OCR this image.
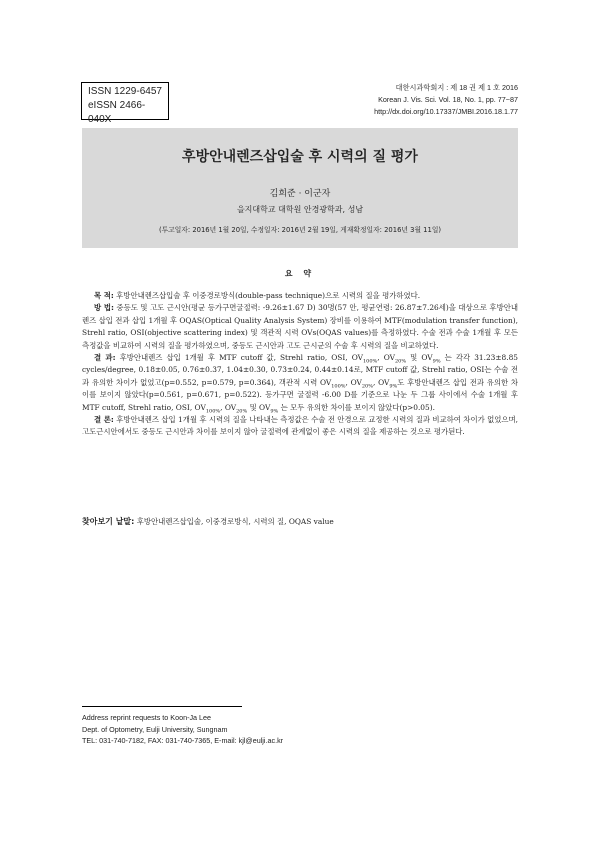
ISSN 1229-6457
eISSN 2466-040X
대한시과학회지 : 제 18 권 제 1 호 2016
Korean J. Vis. Sci. Vol. 18, No. 1, pp. 77~87
http://dx.doi.org/10.17337/JMBI.2016.18.1.77
후방안내렌즈삽입술 후 시력의 질 평가
김희준 · 이군자
을지대학교 대학원 안경광학과, 성남
(투고일자: 2016년 1월 20일, 수정일자: 2016년 2월 19일, 게재확정일자: 2016년 3월 11일)
요 약

목 적: 후방안내렌즈삽입술 후 이중경로방식(double-pass technique)으로 시력의 질을 평가하였다.

방 법: 중등도 및 고도 근시안(평균 등가구면굴절력: -9.26±1.67 D) 30명(57 안, 평균연령: 26.87±7.26세)을 대상으로 후방안내렌즈 삽입 전과 삽입 1개월 후 OQAS(Optical Quality Analysis System) 장비를 이용하여 MTF(modulation transfer function), Strehl ratio, OSI(objective scattering index) 및 객관적 시력 OVs(OQAS values)를 측정하였다. 수술 전과 수술 1개월 후 모든 측정값을 비교하여 시력의 질을 평가하였으며, 중등도 근시안과 고도 근시군의 수술 후 시력의 질을 비교하였다.

결 과: 후방안내렌즈 삽입 1개월 후 MTF cutoff 값, Strehl ratio, OSI, $OV_{100\%}$, $OV_{20\%}$ 및 $OV_{9\%}$ 는 각각 31.23±8.85 cycles/degree, 0.18±0.05, 0.76±0.37, 1.04±0.30, 0.73±0.24, 0.44±0.14로, MTF cutoff 값, Strehl ratio, OSI는 수술 전과 유의한 차이가 없었고(p=0.552, p=0.579, p=0.364), 객관적 시력 $OV_{100\%}$, $OV_{20\%}$, $OV_{9\%}$도 후방안내렌즈 삽입 전과 유의한 차이를 보이지 않았다(p=0.561, p=0.671, p=0.522). 등가구면 굴절력 -6.00 D를 기준으로 나눈 두 그룹 사이에서 수술 1개월 후 MTF cutoff, Strehl ratio, OSI, $OV_{100\%}$, $OV_{20\%}$ 및 $OV_{9\%}$ 는 모두 유의한 차이를 보이지 않았다(p>0.05).

결 론: 후방안내렌즈 삽입 1개월 후 시력의 질을 나타내는 측정값은 수술 전 안경으로 교정한 시력의 질과 비교하여 차이가 없었으며, 고도근시안에서도 중등도 근시안과 차이를 보이지 않아 굴절력에 관계없이 좋은 시력의 질을 제공하는 것으로 평가된다.

찾아보기 낱말: 후방안내렌즈삽입술, 이중경로방식, 시력의 질, OQAS value
Address reprint requests to Koon-Ja Lee
Dept. of Optometry, Eulji University, Sungnam
TEL: 031-740-7182, FAX: 031-740-7365, E-mail: kjl@eulji.ac.kr
